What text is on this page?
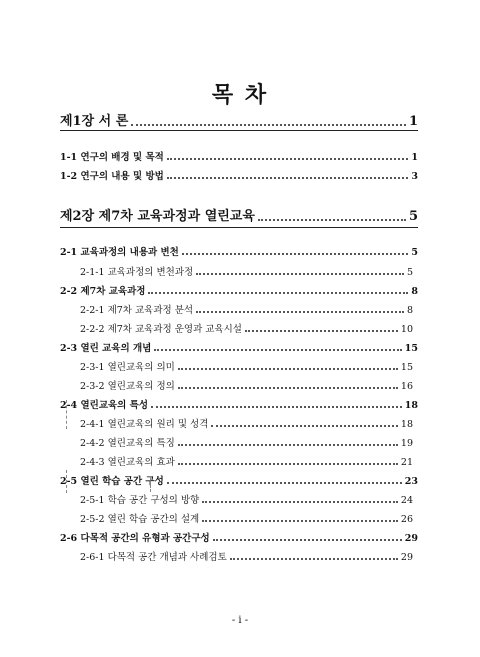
목 차
제1장 서 론	1
1-1 연구의 배경 및 목적	1
1-2 연구의 내용 및 방법	3
제2장 제7차 교육과정과 열린교육	5
2-1 교육과정의 내용과 변천	5
2-1-1 교육과정의 변천과정	5
2-2 제7차 교육과정	8
2-2-1 제7차 교육과정 분석	8
2-2-2 제7차 교육과정 운영과 교육시설	10
2-3 열린 교육의 개념	15
2-3-1 열린교육의 의미	15
2-3-2 열린교육의 정의	16
2-4 열린교육의 특성	18
2-4-1 열린교육의 원리 및 성격	18
2-4-2 열린교육의 특징	19
2-4-3 열린교육의 효과	21
2-5 열린 학습 공간 구성	23
2-5-1 학습 공간 구성의 방향	24
2-5-2 열린 학습 공간의 설계	26
2-6 다목적 공간의 유형과 공간구성	29
2-6-1 다목적 공간 개념과 사례검토	29
- i -
